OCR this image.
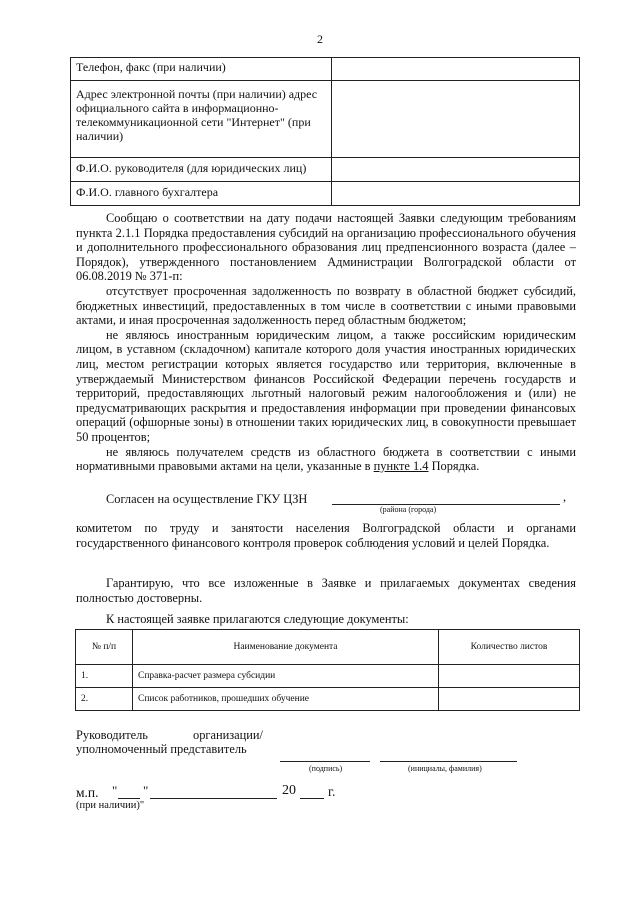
2
Телефон, факс (при наличии)	
Адрес электронной почты (при наличии) адрес официального сайта в информационно-телекоммуникационной сети "Интернет" (при наличии)	
Ф.И.О. руководителя (для юридических лиц)	
Ф.И.О. главного бухгалтера	

Сообщаю о соответствии на дату подачи настоящей Заявки следующим требованиям пункта 2.1.1 Порядка предоставления субсидий на организацию профессионального обучения и дополнительного профессионального образования лиц предпенсионного возраста (далее – Порядок), утвержденного постановлением Администрации Волгоградской области от 06.08.2019 № 371-п:

отсутствует просроченная задолженность по возврату в областной бюджет субсидий, бюджетных инвестиций, предоставленных в том числе в соответствии с иными правовыми актами, и иная просроченная задолженность перед областным бюджетом;

не являюсь иностранным юридическим лицом, а также российским юридическим лицом, в уставном (складочном) капитале которого доля участия иностранных юридических лиц, местом регистрации которых является государство или территория, включенные в утверждаемый Министерством финансов Российской Федерации перечень государств и территорий, предоставляющих льготный налоговый режим налогообложения и (или) не предусматривающих раскрытия и предоставления информации при проведении финансовых операций (офшорные зоны) в отношении таких юридических лиц, в совокупности превышает 50 процентов;

не являюсь получателем средств из областного бюджета в соответствии с иными нормативными правовыми актами на цели, указанные в пункте 1.4 Порядка.

Согласен на осуществление ГКУ ЦЗН	,
(района (города)

комитетом по труду и занятости населения Волгоградской области и органами государственного финансового контроля проверок соблюдения условий и целей Порядка.

Гарантирую, что все изложенные в Заявке и прилагаемых документах сведения полностью достоверны.

К настоящей заявке прилагаются следующие документы:
№ п/п	Наименование документа	Количество листов
1.	Справка-расчет размера субсидии	
2.	Список работников, прошедших обучение	
Руководитель	организации/
уполномоченный представитель
(подпись)	(инициалы, фамилия)
м.п. " "	20 г.
(при наличии)"
